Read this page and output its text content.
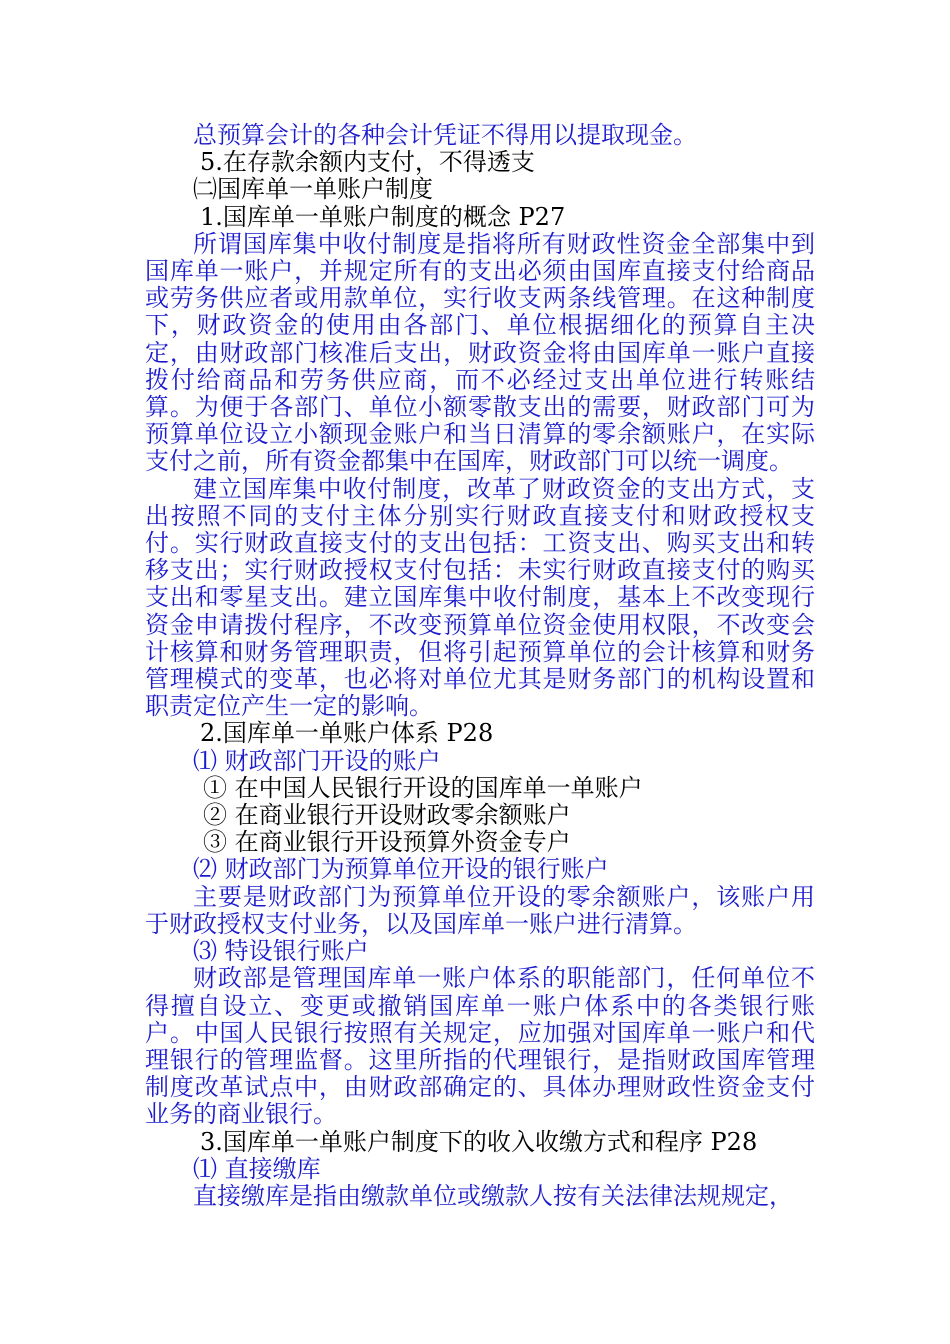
总预算会计的各种会计凭证不得用以提取现金。
5.在存款余额内支付，不得透支
㈡国库单一单账户制度
1.国库单一单账户制度的概念 P27
所谓国库集中收付制度是指将所有财政性资金全部集中到国库单一账户，并规定所有的支出必须由国库直接支付给商品或劳务供应者或用款单位，实行收支两条线管理。在这种制度下，财政资金的使用由各部门、单位根据细化的预算自主决定，由财政部门核准后支出，财政资金将由国库单一账户直接拨付给商品和劳务供应商，而不必经过支出单位进行转账结算。为便于各部门、单位小额零散支出的需要，财政部门可为预算单位设立小额现金账户和当日清算的零余额账户，在实际支付之前，所有资金都集中在国库，财政部门可以统一调度。
建立国库集中收付制度，改革了财政资金的支出方式，支出按照不同的支付主体分别实行财政直接支付和财政授权支付。实行财政直接支付的支出包括：工资支出、购买支出和转移支出；实行财政授权支付包括：未实行财政直接支付的购买支出和零星支出。建立国库集中收付制度，基本上不改变现行资金申请拨付程序，不改变预算单位资金使用权限，不改变会计核算和财务管理职责，但将引起预算单位的会计核算和财务管理模式的变革，也必将对单位尤其是财务部门的机构设置和职责定位产生一定的影响。
2.国库单一单账户体系 P28
⑴ 财政部门开设的账户
① 在中国人民银行开设的国库单一单账户
② 在商业银行开设财政零余额账户
③ 在商业银行开设预算外资金专户
⑵ 财政部门为预算单位开设的银行账户
主要是财政部门为预算单位开设的零余额账户，该账户用于财政授权支付业务，以及国库单一账户进行清算。
⑶ 特设银行账户
财政部是管理国库单一账户体系的职能部门，任何单位不得擅自设立、变更或撤销国库单一账户体系中的各类银行账户。中国人民银行按照有关规定，应加强对国库单一账户和代理银行的管理监督。这里所指的代理银行，是指财政国库管理制度改革试点中，由财政部确定的、具体办理财政性资金支付业务的商业银行。
3.国库单一单账户制度下的收入收缴方式和程序 P28
⑴ 直接缴库
直接缴库是指由缴款单位或缴款人按有关法律法规规定，
